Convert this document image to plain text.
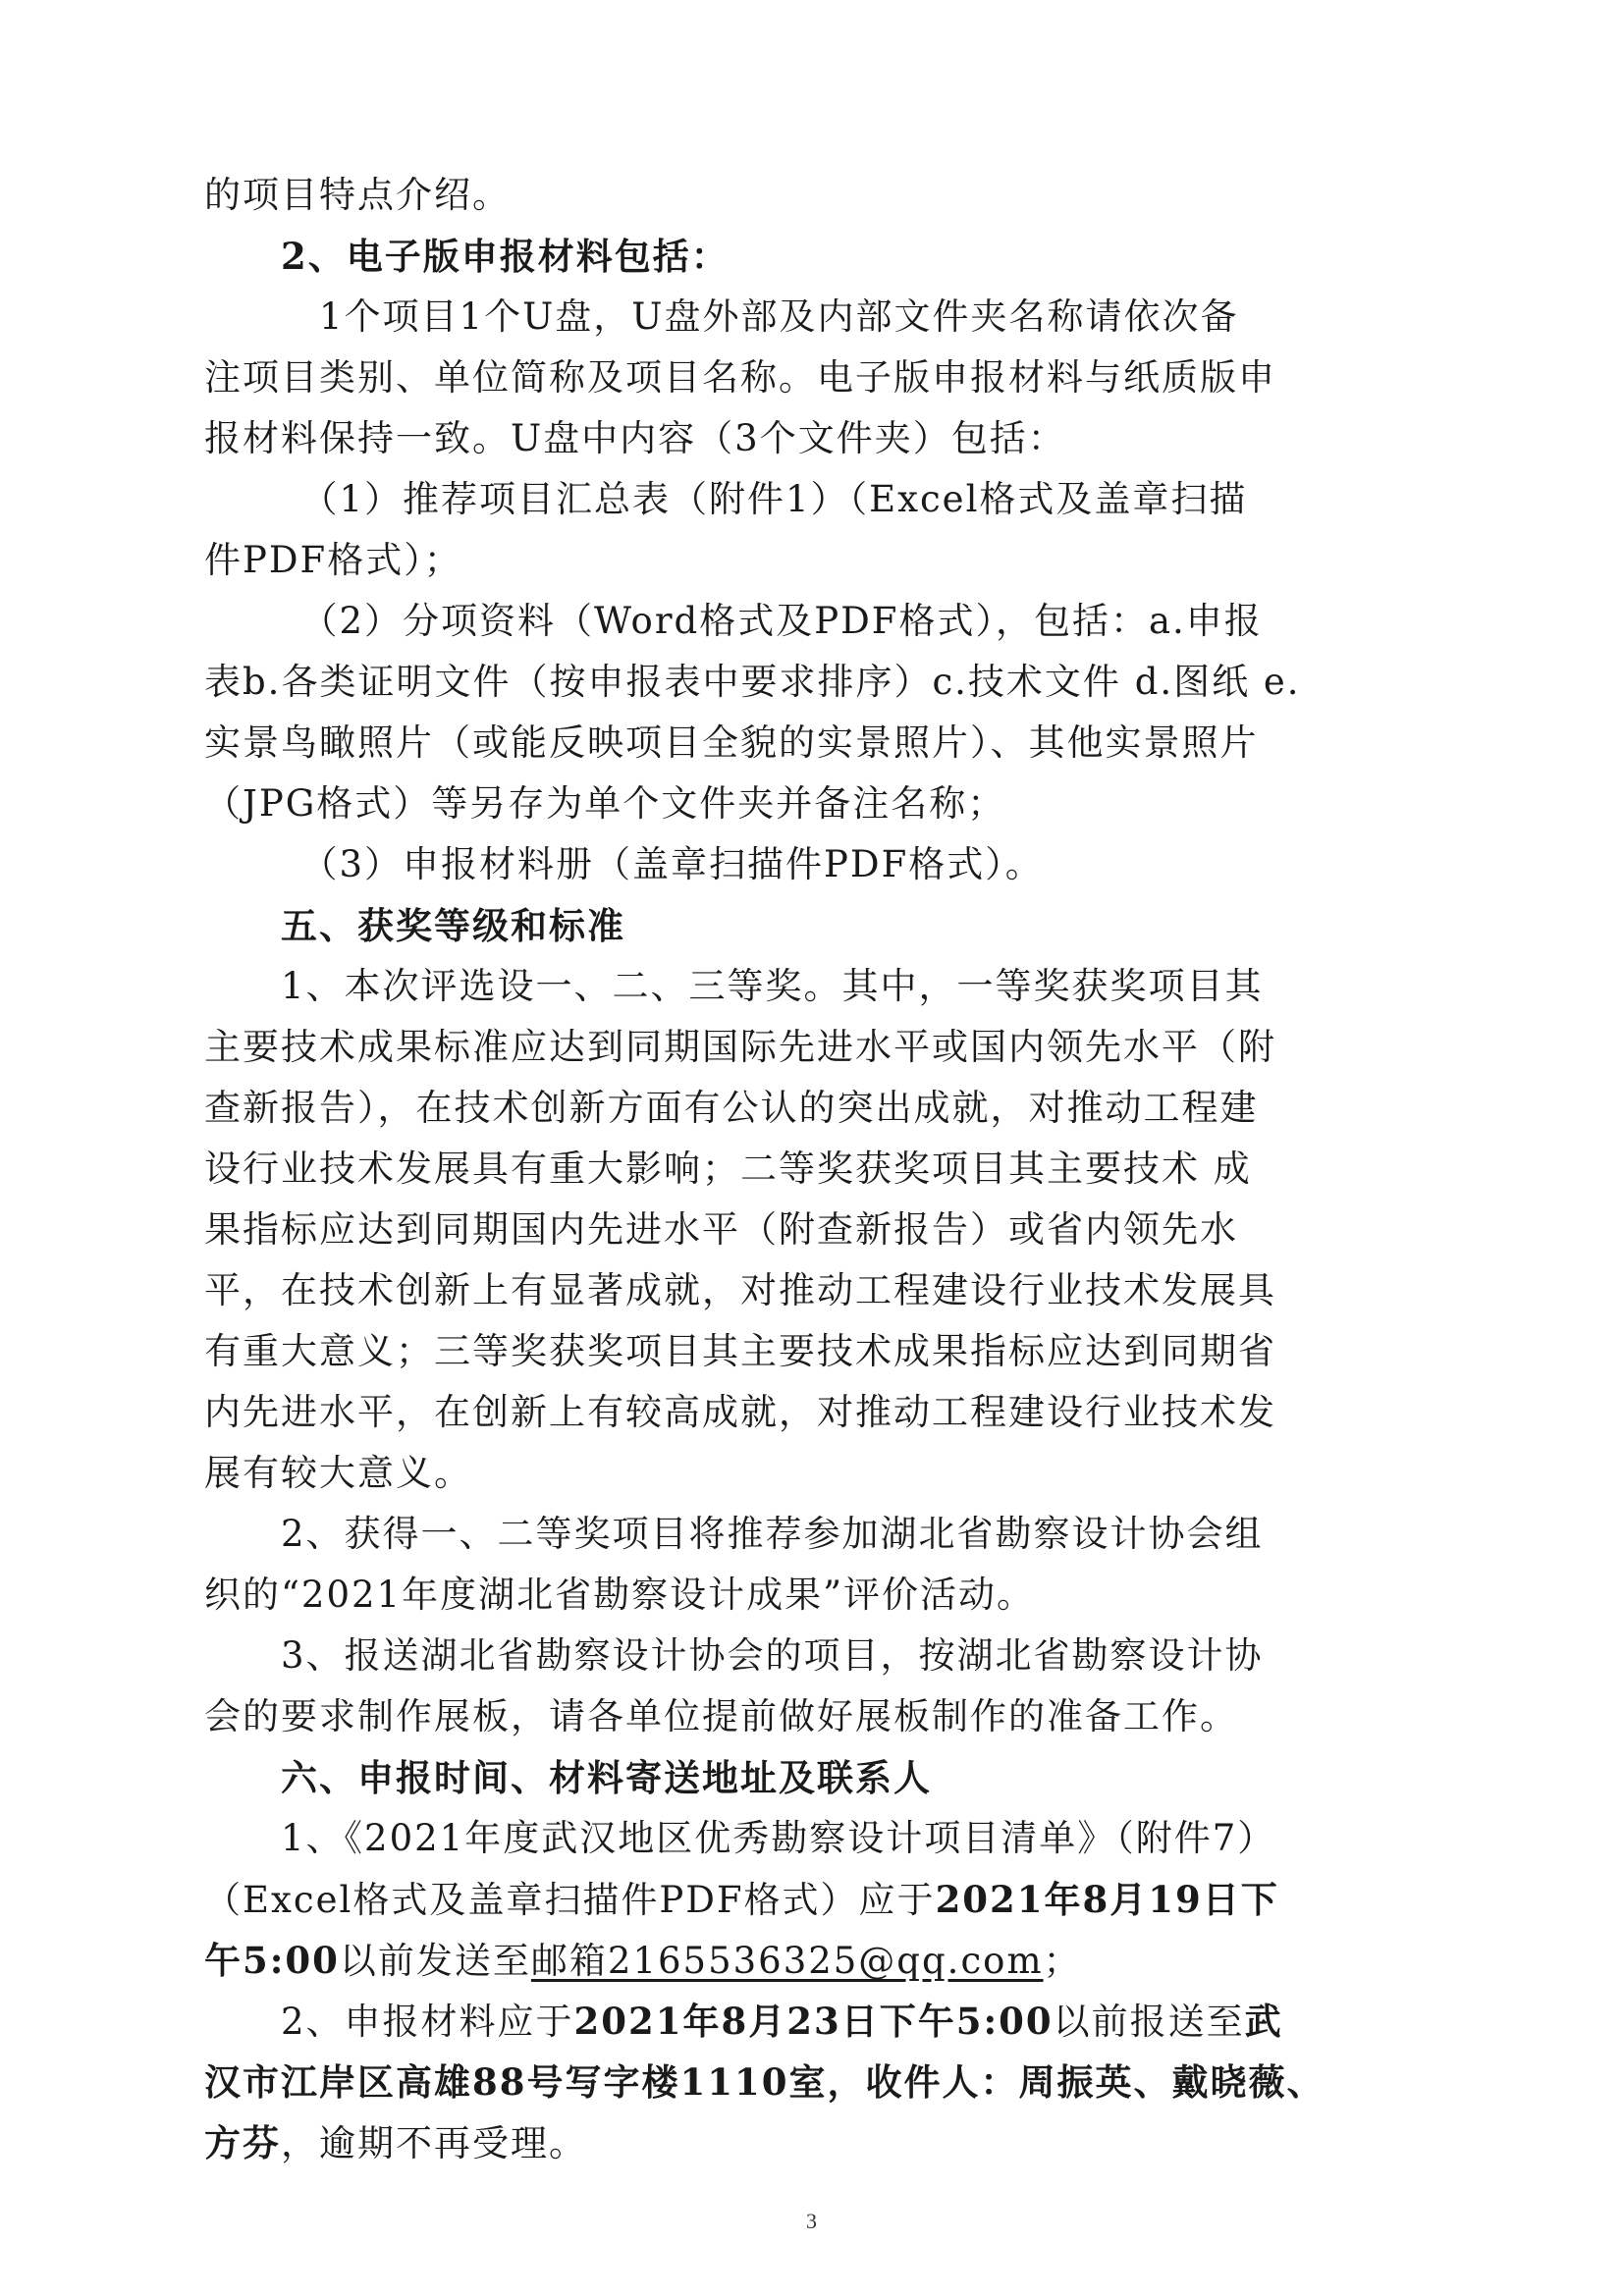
的项目特点介绍。
　　2、电子版申报材料包括：
　　　1个项目1个U盘，U盘外部及内部文件夹名称请依次备
注项目类别、单位简称及项目名称。电子版申报材料与纸质版申
报材料保持一致。U盘中内容（3个文件夹）包括：
　　　（1）推荐项目汇总表（附件1）（Excel格式及盖章扫描
件PDF格式）；
　　　（2）分项资料（Word格式及PDF格式），包括：a.申报
表b.各类证明文件（按申报表中要求排序）c.技术文件 d.图纸 e.
实景鸟瞰照片（或能反映项目全貌的实景照片）、其他实景照片
（JPG格式）等另存为单个文件夹并备注名称；
　　　（3）申报材料册（盖章扫描件PDF格式）。
　　五、获奖等级和标准
　　1、本次评选设一、二、三等奖。其中，一等奖获奖项目其
主要技术成果标准应达到同期国际先进水平或国内领先水平（附
查新报告），在技术创新方面有公认的突出成就，对推动工程建
设行业技术发展具有重大影响；二等奖获奖项目其主要技术 成
果指标应达到同期国内先进水平（附查新报告）或省内领先水
平，在技术创新上有显著成就，对推动工程建设行业技术发展具
有重大意义；三等奖获奖项目其主要技术成果指标应达到同期省
内先进水平，在创新上有较高成就，对推动工程建设行业技术发
展有较大意义。
　　2、获得一、二等奖项目将推荐参加湖北省勘察设计协会组
织的“2021年度湖北省勘察设计成果”评价活动。
　　3、报送湖北省勘察设计协会的项目，按湖北省勘察设计协
会的要求制作展板，请各单位提前做好展板制作的准备工作。
　　六、申报时间、材料寄送地址及联系人
　　1、《2021年度武汉地区优秀勘察设计项目清单》（附件7）
（Excel格式及盖章扫描件PDF格式）应于2021年8月19日下
午5:00以前发送至邮箱2165536325@qq.com；
　　2、申报材料应于2021年8月23日下午5:00以前报送至武
汉市江岸区高雄88号写字楼1110室，收件人：周振英、戴晓薇、
方芬，逾期不再受理。
3
